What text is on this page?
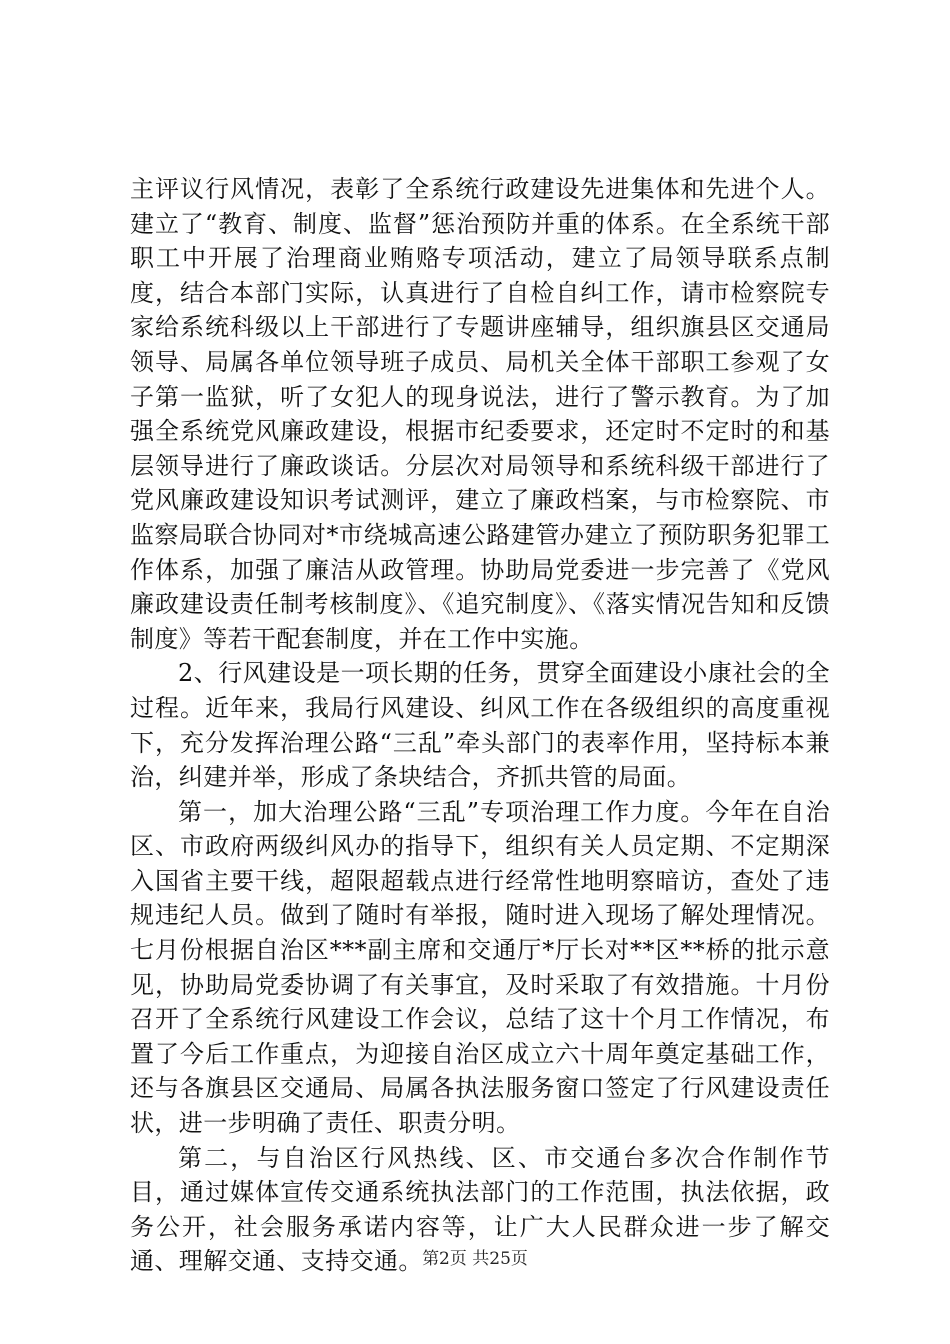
主评议行风情况，表彰了全系统行政建设先进集体和先进个人。建立了“教育、制度、监督”惩治预防并重的体系。在全系统干部职工中开展了治理商业贿赂专项活动，建立了局领导联系点制度，结合本部门实际，认真进行了自检自纠工作，请市检察院专家给系统科级以上干部进行了专题讲座辅导，组织旗县区交通局领导、局属各单位领导班子成员、局机关全体干部职工参观了女子第一监狱，听了女犯人的现身说法，进行了警示教育。为了加强全系统党风廉政建设，根据市纪委要求，还定时不定时的和基层领导进行了廉政谈话。分层次对局领导和系统科级干部进行了党风廉政建设知识考试测评，建立了廉政档案，与市检察院、市监察局联合协同对*市绕城高速公路建管办建立了预防职务犯罪工作体系，加强了廉洁从政管理。协助局党委进一步完善了《党风廉政建设责任制考核制度》、《追究制度》、《落实情况告知和反馈制度》等若干配套制度，并在工作中实施。

2、行风建设是一项长期的任务，贯穿全面建设小康社会的全过程。近年来，我局行风建设、纠风工作在各级组织的高度重视下，充分发挥治理公路“三乱”牵头部门的表率作用，坚持标本兼治，纠建并举，形成了条块结合，齐抓共管的局面。

第一，加大治理公路“三乱”专项治理工作力度。今年在自治区、市政府两级纠风办的指导下，组织有关人员定期、不定期深入国省主要干线，超限超载点进行经常性地明察暗访，查处了违规违纪人员。做到了随时有举报，随时进入现场了解处理情况。七月份根据自治区***副主席和交通厅*厅长对**区**桥的批示意见，协助局党委协调了有关事宜，及时采取了有效措施。十月份召开了全系统行风建设工作会议，总结了这十个月工作情况，布置了今后工作重点，为迎接自治区成立六十周年奠定基础工作，还与各旗县区交通局、局属各执法服务窗口签定了行风建设责任状，进一步明确了责任、职责分明。

第二，与自治区行风热线、区、市交通台多次合作制作节目，通过媒体宣传交通系统执法部门的工作范围，执法依据，政务公开，社会服务承诺内容等，让广大人民群众进一步了解交通、理解交通、支持交通。 第2页 共25页
